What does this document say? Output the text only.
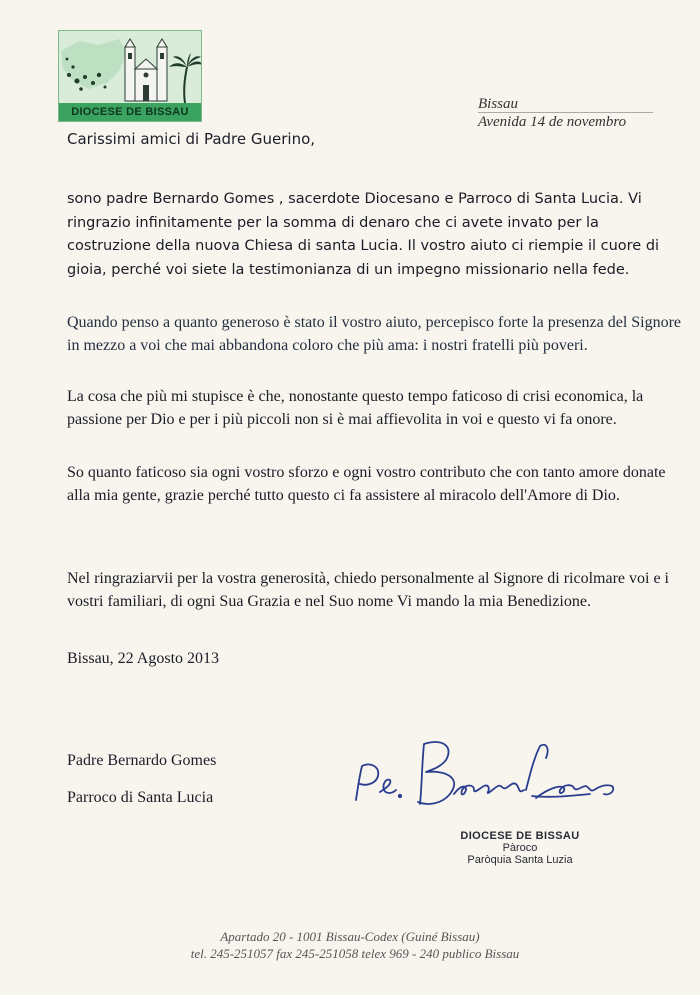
DIOCESE DE BISSAU	Bissau
Avenida 14 de novembro
Carissimi amici di Padre Guerino,

sono padre Bernardo Gomes , sacerdote Diocesano e Parroco di Santa Lucia. Vi ringrazio infinitamente per la somma di denaro che ci avete invato per la costruzione della nuova Chiesa di santa Lucia. Il vostro aiuto ci riempie il cuore di gioia, perché voi siete la testimonianza di un impegno missionario nella fede.

Quando penso a quanto generoso è stato il vostro aiuto, percepisco forte la presenza del Signore in mezzo a voi che mai abbandona coloro che più ama: i nostri fratelli più poveri.

La cosa che più mi stupisce è che, nonostante questo tempo faticoso di crisi economica, la passione per Dio e per i più piccoli non si è mai affievolita in voi e questo vi fa onore.

So quanto faticoso sia ogni vostro sforzo e ogni vostro contributo che con tanto amore donate alla mia gente, grazie perché tutto questo ci fa assistere al miracolo dell'Amore di Dio.

Nel ringraziarvii per la vostra generosità, chiedo personalmente al Signore di ricolmare voi e i vostri familiari, di ogni Sua Grazia e nel Suo nome Vi mando la mia Benedizione.

Bissau, 22 Agosto 2013
Padre Bernardo Gomes
Parroco di Santa Lucia
DIOCESE DE BISSAU
Pàroco
Paròquia Santa Luzia
Apartado 20 - 1001 Bissau-Codex (Guiné Bissau)
tel. 245-251057 fax 245-251058 telex 969 - 240 publico Bissau
